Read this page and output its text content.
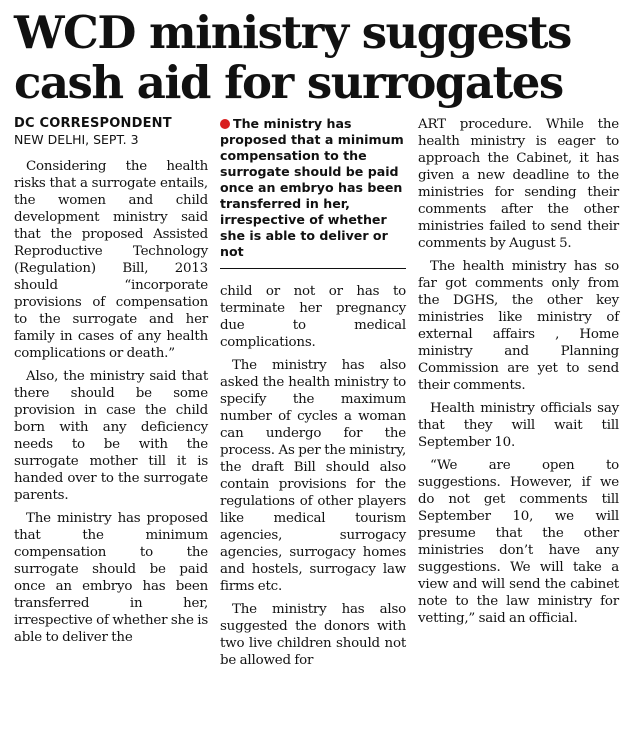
WCD ministry suggests cash aid for surrogates
DC CORRESPONDENT
NEW DELHI, SEPT. 3

Considering the health risks that a surrogate entails, the women and child development ministry said that the proposed Assisted Reproductive Technology (Regulation) Bill, 2013 should “incorporate provisions of compensation to the surrogate and her family in cases of any health complications or death.”

Also, the ministry said that there should be some provision in case the child born with any deficiency needs to be with the surrogate mother till it is handed over to the surrogate parents.

The ministry has proposed that the minimum compensation to the surrogate should be paid once an embryo has been transferred in her, irrespective of whether she is able to deliver the

The ministry has proposed that a minimum compensation to the surrogate should be paid once an embryo has been transferred in her, irrespective of whether she is able to deliver or not

child or not or has to terminate her pregnancy due to medical complications.

The ministry has also asked the health ministry to specify the maximum number of cycles a woman can undergo for the process. As per the ministry, the draft Bill should also contain provisions for the regulations of other players like medical tourism agencies, surrogacy agencies, surrogacy homes and hostels, surrogacy law firms etc.

The ministry has also suggested the donors with two live children should not be allowed for

ART procedure. While the health ministry is eager to approach the Cabinet, it has given a new deadline to the ministries for sending their comments after the other ministries failed to send their comments by August 5.

The health ministry has so far got comments only from the DGHS, the other key ministries like ministry of external affairs , Home ministry and Planning Commission are yet to send their comments.

Health ministry officials say that they will wait till September 10.

“We are open to suggestions. However, if we do not get comments till September 10, we will presume that the other ministries don’t have any suggestions. We will take a view and will send the cabinet note to the law ministry for vetting,” said an official.
